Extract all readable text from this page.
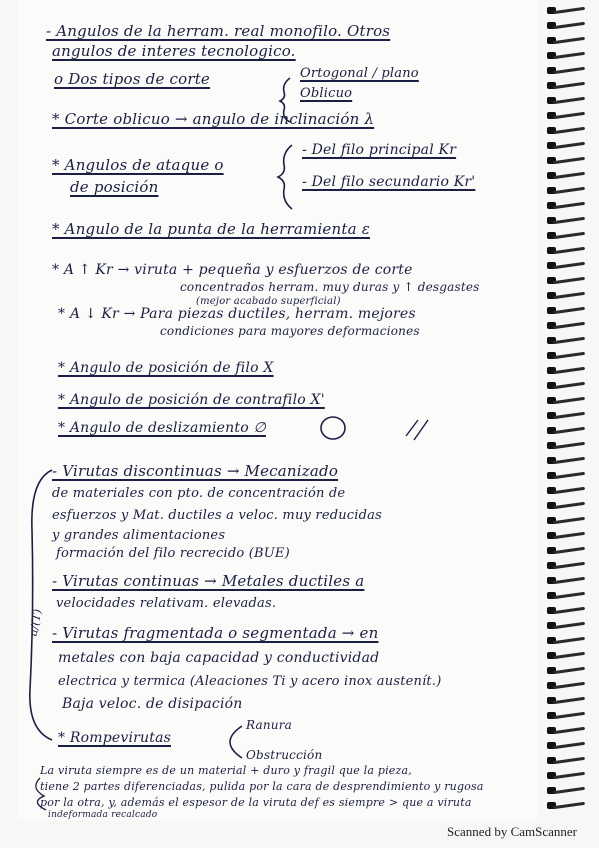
- Angulos de la herram. real monofilo. Otros
angulos de interes tecnologico.
o Dos tipos de corte	Ortogonal / plano
Oblicuo
* Corte oblicuo → angulo de inclinación λ
* Angulos de ataque o
de posición
- Del filo principal Kr
- Del filo secundario Kr'
* Angulo de la punta de la herramienta ε
* A ↑ Kr → viruta + pequeña y esfuerzos de corte
concentrados herram. muy duras y ↑ desgastes
(mejor acabado superficial)
* A ↓ Kr → Para piezas ductiles, herram. mejores
condiciones para mayores deformaciones
* Angulo de posición de filo X
* Angulo de posición de contrafilo X'
* Angulo de deslizamiento ∅
- Virutas discontinuas → Mecanizado
de materiales con pto. de concentración de
esfuerzos y Mat. ductiles a veloc. muy reducidas
y grandes alimentaciones
formación del filo recrecido (BUE)
- Virutas continuas → Metales ductiles a
velocidades relativam. elevadas.
- Virutas fragmentada o segmentada → en
metales con baja capacidad y conductividad
electrica y termica (Aleaciones Ti y acero inox austenít.)
Baja veloc. de disipación
* Rompevirutas
Ranura
Obstrucción
La viruta siempre es de un material + duro y fragil que la pieza,
tiene 2 partes diferenciadas, pulida por la cara de desprendimiento y rugosa
por la otra, y, además el espesor de la viruta def es siempre > que a viruta
indeformada recalcado
a/(T)
Scanned by CamScanner
